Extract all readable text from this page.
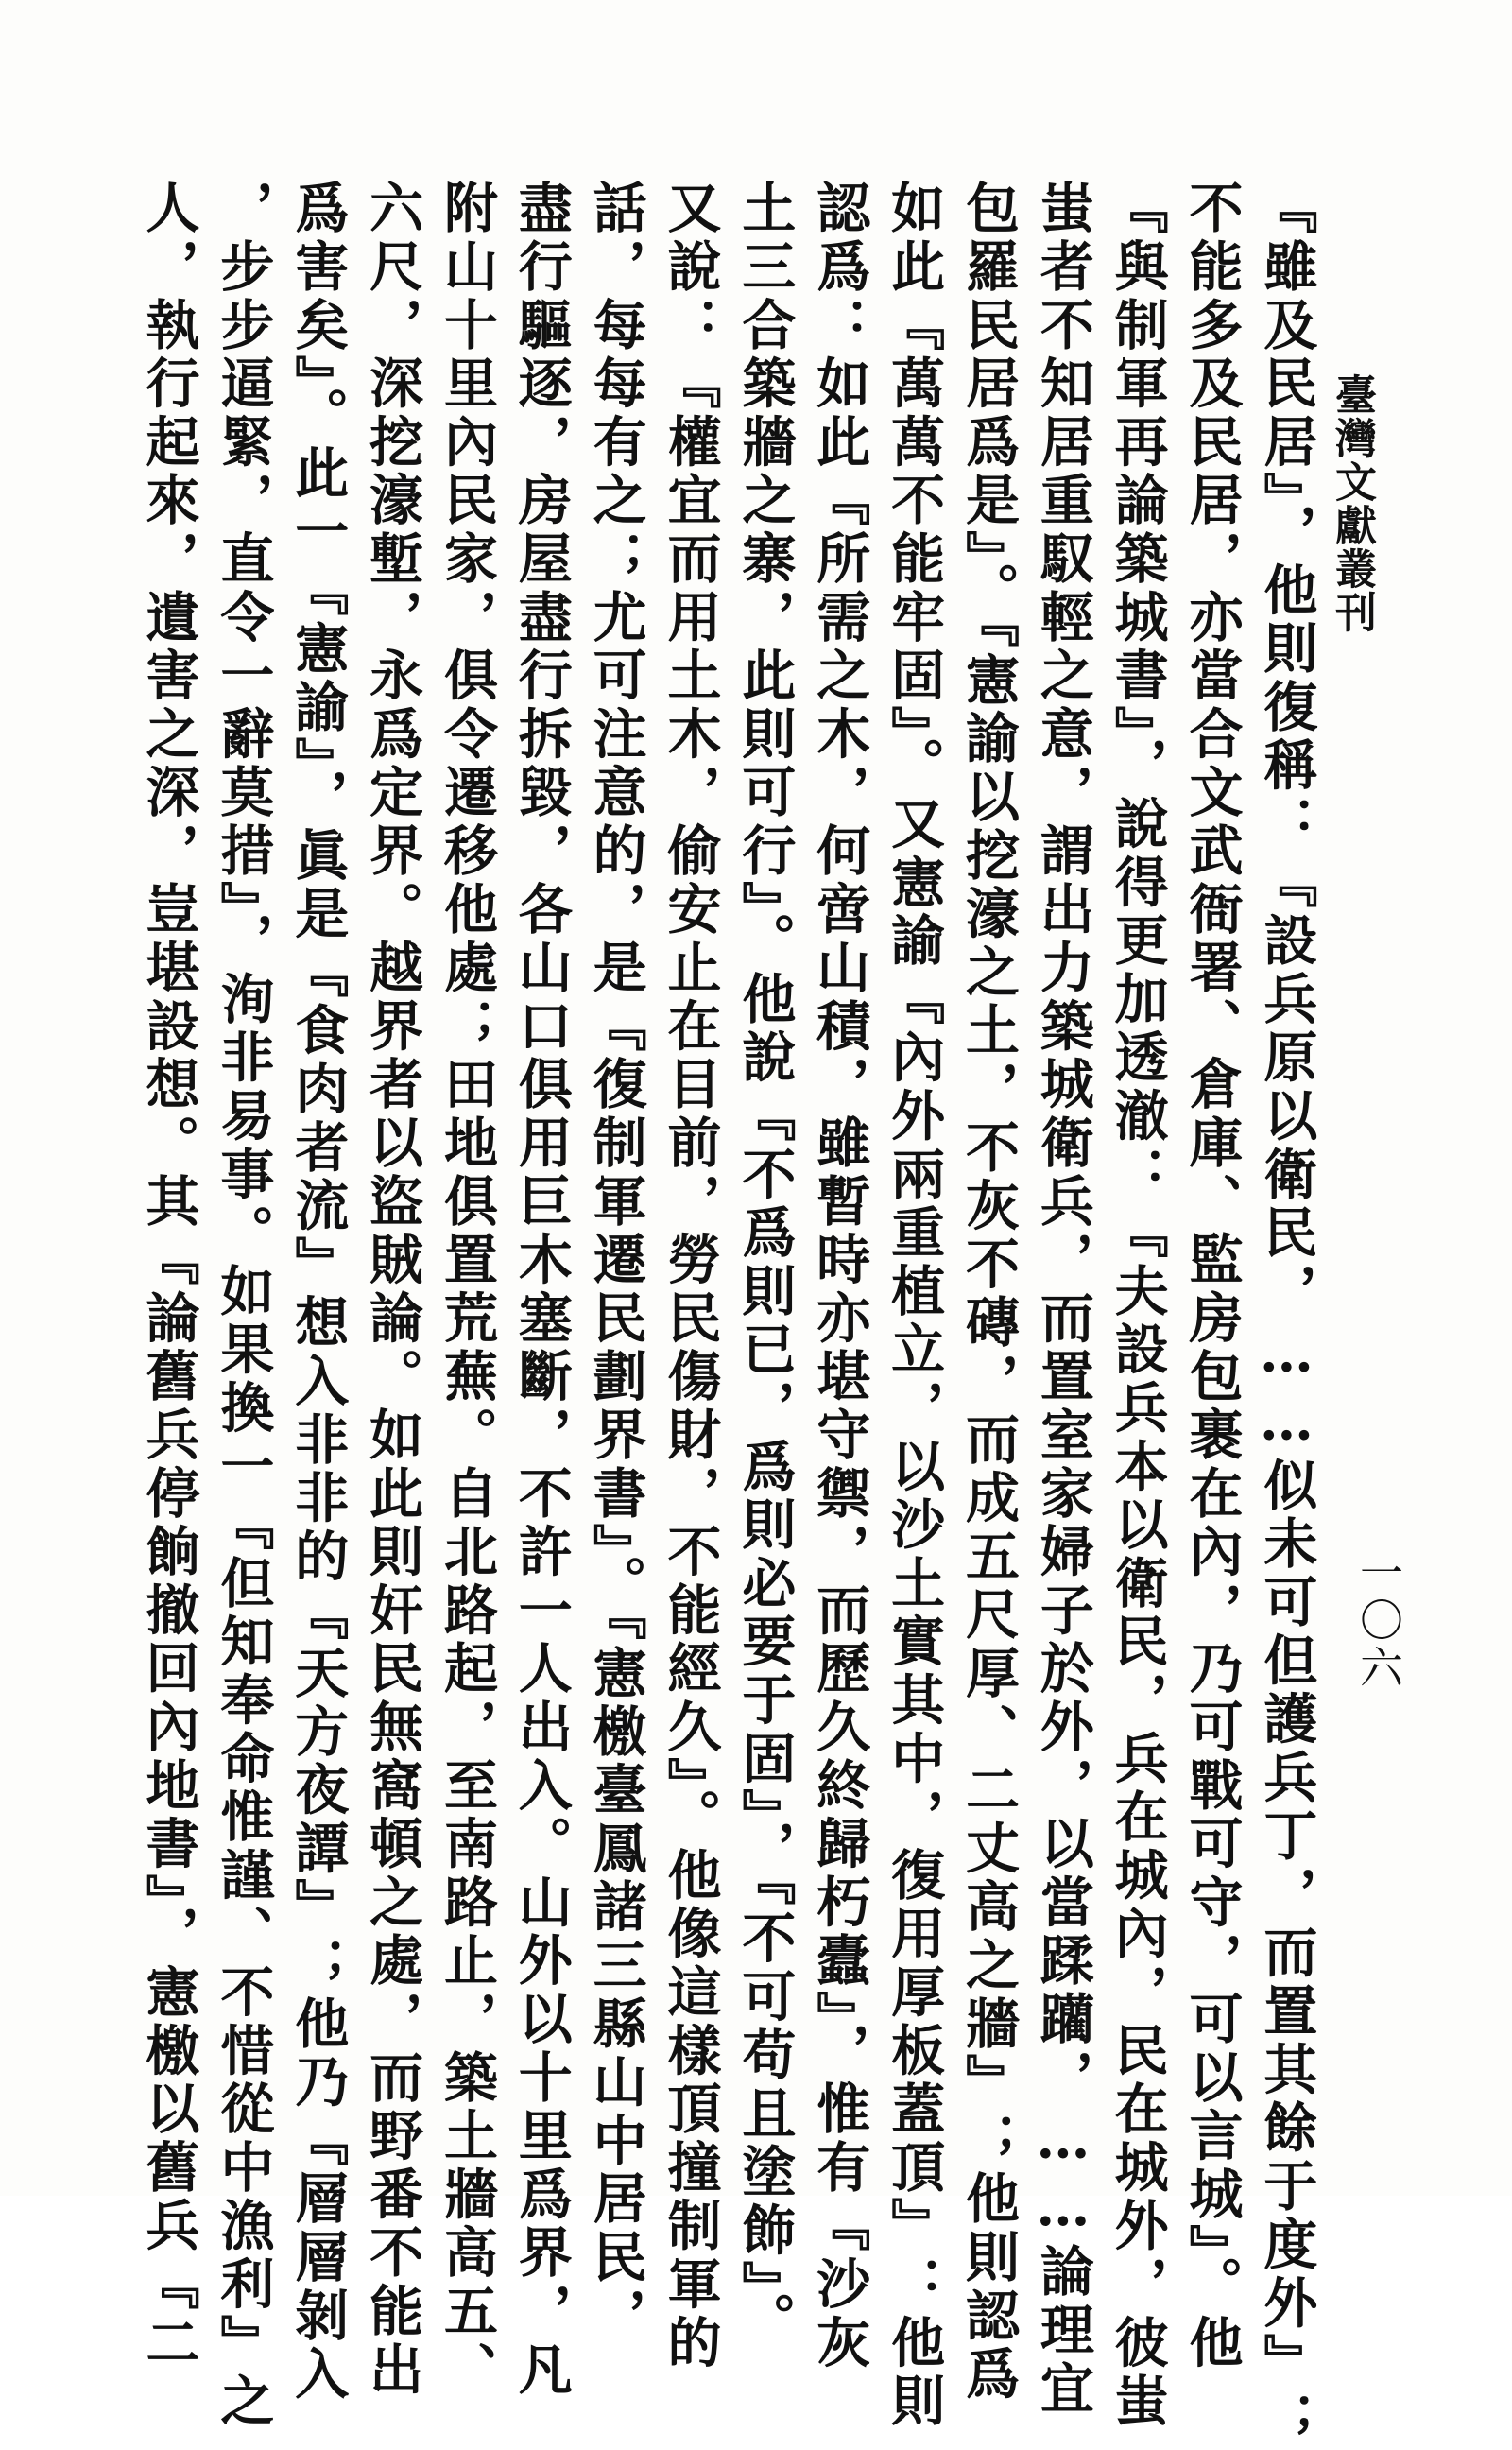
臺灣文獻叢刊
一〇六
『雖及民居』，他則復稱：『設兵原以衛民，……似未可但護兵丁，而置其餘于度外』；
不能多及民居，亦當合文武衙署、倉庫、監房包裹在內，乃可戰可守，可以言城』。他
『與制軍再論築城書』，說得更加透澈：『夫設兵本以衛民，兵在城內，民在城外，彼蚩
蚩者不知居重馭輕之意，謂出力築城衛兵，而置室家婦子於外，以當蹂躪，……論理宜
包羅民居爲是』。『憲諭以挖濠之土，不灰不磚，而成五尺厚、二丈高之牆』；他則認爲
如此『萬萬不能牢固』。又憲諭『內外兩重植立，以沙土實其中，復用厚板蓋頂』：他則
認爲：如此『所需之木，何啻山積，雖暫時亦堪守禦，而歷久終歸朽蠹』，惟有『沙灰
土三合築牆之寨，此則可行』。他說『不爲則已，爲則必要于固』，『不可苟且塗飾』。
又說：『權宜而用土木，偷安止在目前，勞民傷財，不能經久』。他像這樣頂撞制軍的
話，每每有之；尤可注意的，是『復制軍遷民劃界書』。『憲檄臺鳳諸三縣山中居民，
盡行驅逐，房屋盡行拆毀，各山口俱用巨木塞斷，不許一人出入。山外以十里爲界，凡
附山十里內民家，俱令遷移他處；田地俱置荒蕪。自北路起，至南路止，築土牆高五、
六尺，深挖濠塹，永爲定界。越界者以盜賊論。如此則奸民無窩頓之處，而野番不能出
爲害矣』。此一『憲諭』，眞是『食肉者流』想入非非的『天方夜譚』；他乃『層層剝入
，步步逼緊，直令一辭莫措』，洵非易事。如果換一『但知奉命惟謹、不惜從中漁利』之
人，執行起來，遺害之深，豈堪設想。其『論舊兵停餉撤回內地書』，憲檄以舊兵『二
